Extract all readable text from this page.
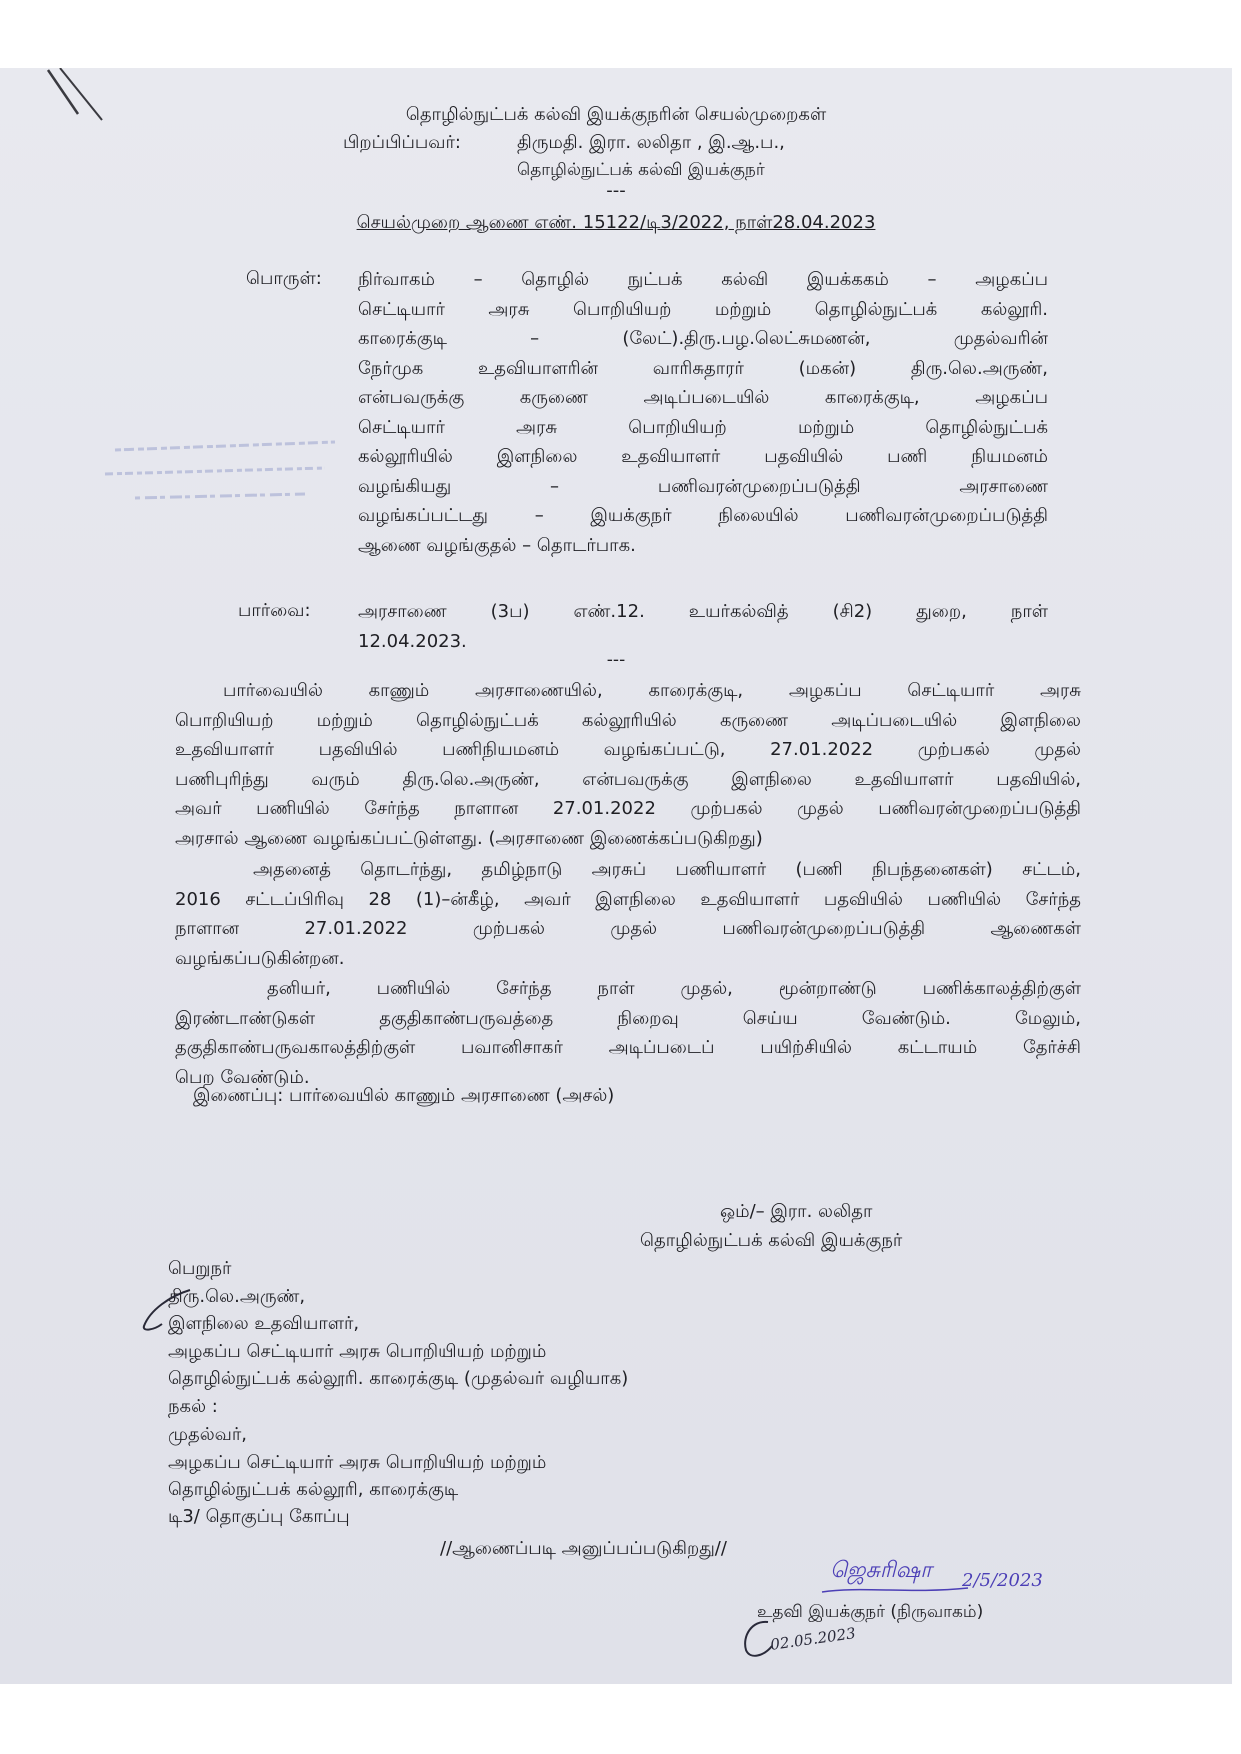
தொழில்நுட்பக் கல்வி இயக்குநரின் செயல்முறைகள்
பிறப்பிப்பவர்:	திருமதி. இரா. லலிதா , இ.ஆ.ப.,
தொழில்நுட்பக் கல்வி இயக்குநர்
---
செயல்முறை ஆணை எண். 15122/டி3/2022, நாள்28.04.2023
பொருள்: நிர்வாகம் – தொழில் நுட்பக் கல்வி இயக்ககம் – அழகப்ப
செட்டியார் அரசு பொறியியற் மற்றும் தொழில்நுட்பக் கல்லூரி.
காரைக்குடி – (லேட்).திரு.பழ.லெட்சுமணன், முதல்வரின்
நேர்முக உதவியாளரின் வாரிசுதாரர் (மகன்) திரு.லெ.அருண்,
என்பவருக்கு கருணை அடிப்படையில் காரைக்குடி, அழகப்ப
செட்டியார் அரசு பொறியியற் மற்றும் தொழில்நுட்பக்
கல்லூரியில் இளநிலை உதவியாளர் பதவியில் பணி நியமனம்
வழங்கியது – பணிவரன்முறைப்படுத்தி அரசாணை
வழங்கப்பட்டது – இயக்குநர் நிலையில் பணிவரன்முறைப்படுத்தி
ஆணை வழங்குதல் – தொடர்பாக.
பார்வை:	அரசாணை (3ப) எண்.12. உயர்கல்வித் (சி2) துறை, நாள்
12.04.2023.
---
பார்வையில் காணும் அரசாணையில், காரைக்குடி, அழகப்ப செட்டியார் அரசு
பொறியியற் மற்றும் தொழில்நுட்பக் கல்லூரியில் கருணை அடிப்படையில் இளநிலை
உதவியாளர் பதவியில் பணிநியமனம் வழங்கப்பட்டு, 27.01.2022 முற்பகல் முதல்
பணிபுரிந்து வரும் திரு.லெ.அருண், என்பவருக்கு இளநிலை உதவியாளர் பதவியில்,
அவர் பணியில் சேர்ந்த நாளான 27.01.2022 முற்பகல் முதல் பணிவரன்முறைப்படுத்தி
அரசால் ஆணை வழங்கப்பட்டுள்ளது. (அரசாணை இணைக்கப்படுகிறது)
அதனைத் தொடர்ந்து, தமிழ்நாடு அரசுப் பணியாளர் (பணி நிபந்தனைகள்) சட்டம்,
2016 சட்டப்பிரிவு 28 (1)–ன்கீழ், அவர் இளநிலை உதவியாளர் பதவியில் பணியில் சேர்ந்த
நாளான 27.01.2022 முற்பகல் முதல் பணிவரன்முறைப்படுத்தி ஆணைகள்
வழங்கப்படுகின்றன.
தனியர், பணியில் சேர்ந்த நாள் முதல், மூன்றாண்டு பணிக்காலத்திற்குள்
இரண்டாண்டுகள் தகுதிகாண்பருவத்தை நிறைவு செய்ய வேண்டும். மேலும்,
தகுதிகாண்பருவகாலத்திற்குள் பவானிசாகர் அடிப்படைப் பயிற்சியில் கட்டாயம் தேர்ச்சி
பெற வேண்டும்.
இணைப்பு: பார்வையில் காணும் அரசாணை (அசல்)
ஒம்/– இரா. லலிதா
தொழில்நுட்பக் கல்வி இயக்குநர்
பெறுநர்
திரு.லெ.அருண்,
இளநிலை உதவியாளர்,
அழகப்ப செட்டியார் அரசு பொறியியற் மற்றும்
தொழில்நுட்பக் கல்லூரி. காரைக்குடி (முதல்வர் வழியாக)
நகல் :
முதல்வர்,
அழகப்ப செட்டியார் அரசு பொறியியற் மற்றும்
தொழில்நுட்பக் கல்லூரி, காரைக்குடி
டி3/ தொகுப்பு கோப்பு
//ஆணைப்படி அனுப்பப்படுகிறது//
ஜெசுரிஷா 2/5/2023
உதவி இயக்குநர் (நிருவாகம்)
02.05.2023
